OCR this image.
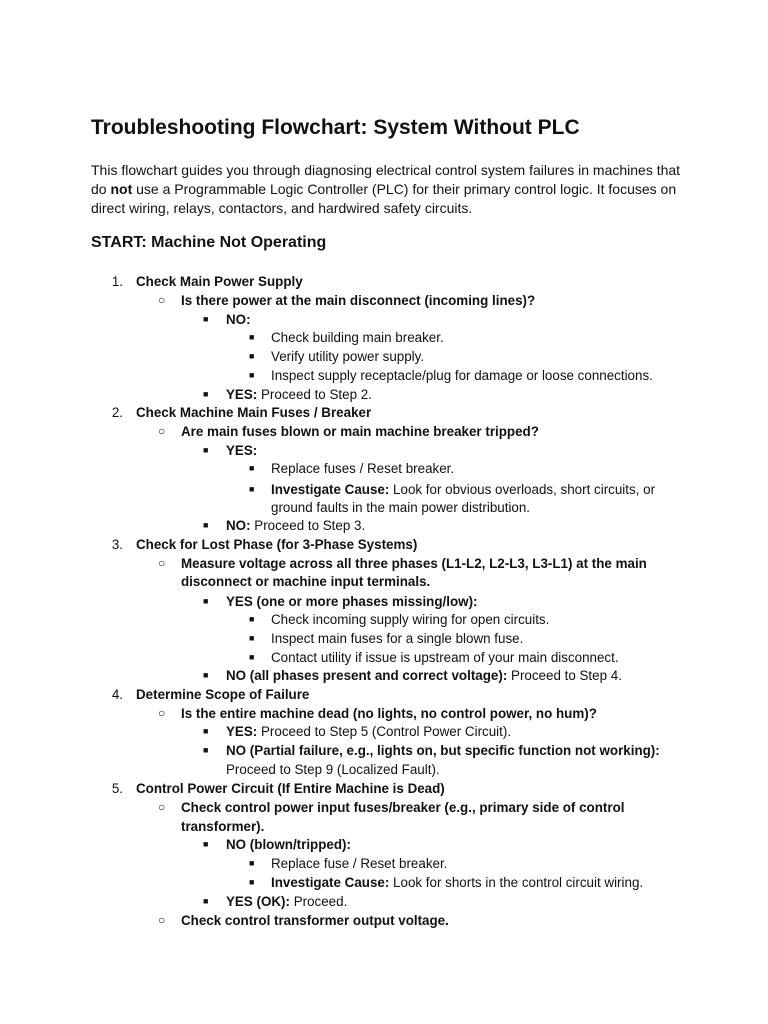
Troubleshooting Flowchart: System Without PLC

This flowchart guides you through diagnosing electrical control system failures in machines that do not use a Programmable Logic Controller (PLC) for their primary control logic. It focuses on direct wiring, relays, contactors, and hardwired safety circuits.

START: Machine Not Operating
1. Check Main Power Supply
○ Is there power at the main disconnect (incoming lines)?
■ NO:
■ Check building main breaker.
■ Verify utility power supply.
■ Inspect supply receptacle/plug for damage or loose connections.
■ YES: Proceed to Step 2.
2. Check Machine Main Fuses / Breaker
○ Are main fuses blown or main machine breaker tripped?
■ YES:
■ Replace fuses / Reset breaker.
■ Investigate Cause: Look for obvious overloads, short circuits, or
ground faults in the main power distribution.
■ NO: Proceed to Step 3.
3. Check for Lost Phase (for 3-Phase Systems)
○ Measure voltage across all three phases (L1-L2, L2-L3, L3-L1) at the main
disconnect or machine input terminals.
■ YES (one or more phases missing/low):
■ Check incoming supply wiring for open circuits.
■ Inspect main fuses for a single blown fuse.
■ Contact utility if issue is upstream of your main disconnect.
■ NO (all phases present and correct voltage): Proceed to Step 4.
4. Determine Scope of Failure
○ Is the entire machine dead (no lights, no control power, no hum)?
■ YES: Proceed to Step 5 (Control Power Circuit).
■ NO (Partial failure, e.g., lights on, but specific function not working):
Proceed to Step 9 (Localized Fault).
5. Control Power Circuit (If Entire Machine is Dead)
○ Check control power input fuses/breaker (e.g., primary side of control
transformer).
■ NO (blown/tripped):
■ Replace fuse / Reset breaker.
■ Investigate Cause: Look for shorts in the control circuit wiring.
■ YES (OK): Proceed.
○ Check control transformer output voltage.
